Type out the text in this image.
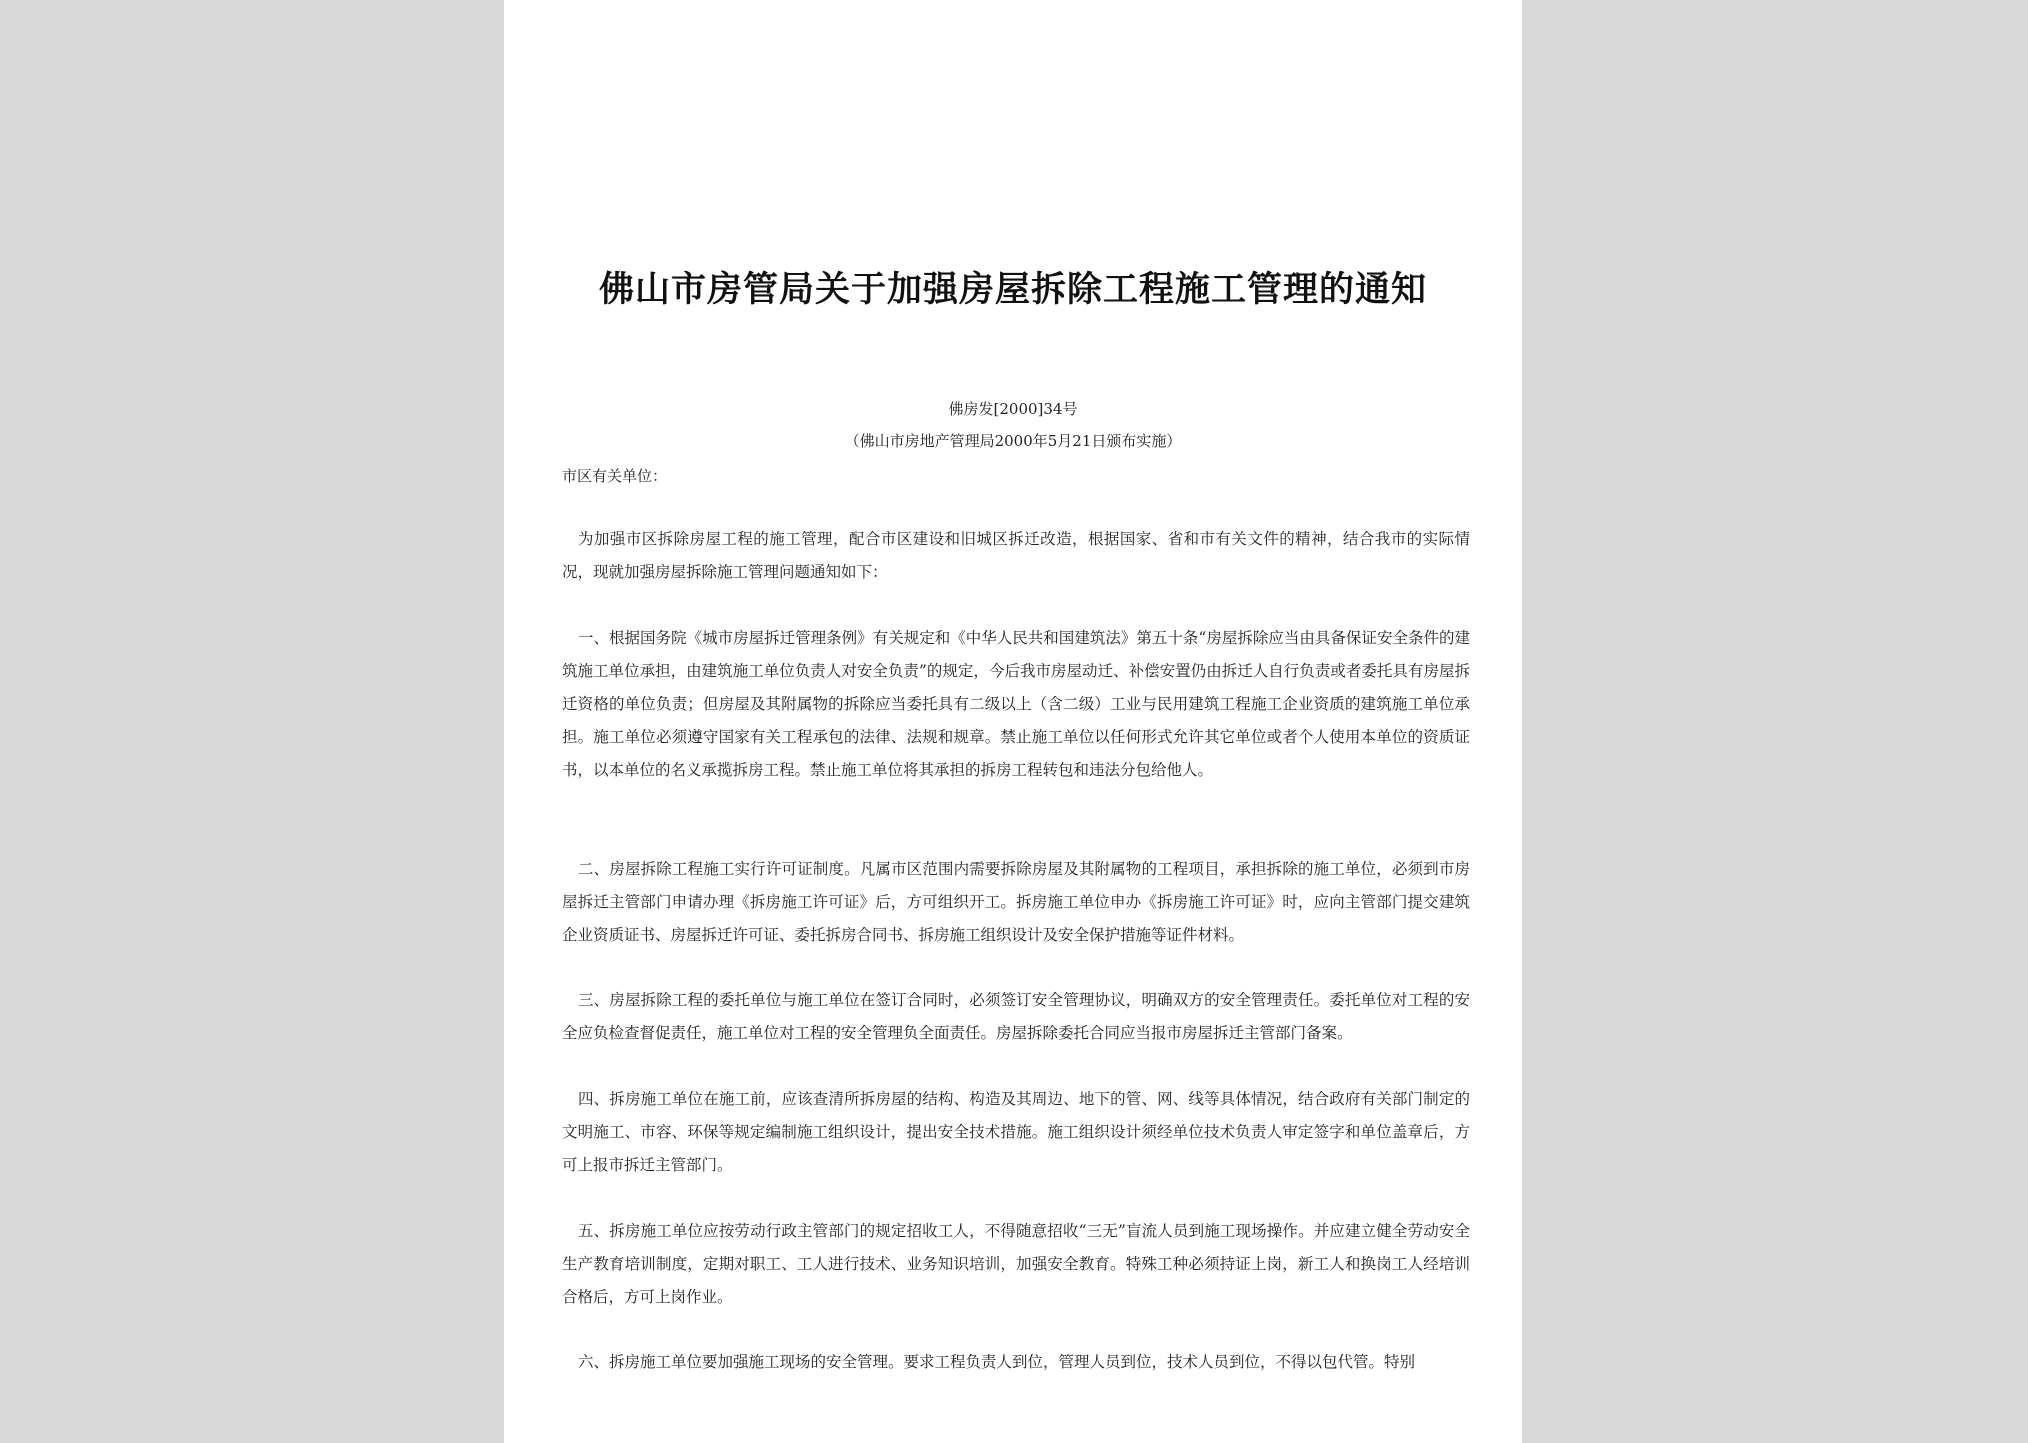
佛山市房管局关于加强房屋拆除工程施工管理的通知
佛房发[2000]34号
（佛山市房地产管理局2000年5月21日颁布实施）
市区有关单位：

为加强市区拆除房屋工程的施工管理，配合市区建设和旧城区拆迁改造，根据国家、省和市有关文件的精神，结合我市的实际情况，现就加强房屋拆除施工管理问题通知如下：

一、根据国务院《城市房屋拆迁管理条例》有关规定和《中华人民共和国建筑法》第五十条“房屋拆除应当由具备保证安全条件的建筑施工单位承担，由建筑施工单位负责人对安全负责”的规定，今后我市房屋动迁、补偿安置仍由拆迁人自行负责或者委托具有房屋拆迁资格的单位负责；但房屋及其附属物的拆除应当委托具有二级以上（含二级）工业与民用建筑工程施工企业资质的建筑施工单位承担。施工单位必须遵守国家有关工程承包的法律、法规和规章。禁止施工单位以任何形式允许其它单位或者个人使用本单位的资质证书，以本单位的名义承揽拆房工程。禁止施工单位将其承担的拆房工程转包和违法分包给他人。

二、房屋拆除工程施工实行许可证制度。凡属市区范围内需要拆除房屋及其附属物的工程项目，承担拆除的施工单位，必须到市房屋拆迁主管部门申请办理《拆房施工许可证》后，方可组织开工。拆房施工单位申办《拆房施工许可证》时，应向主管部门提交建筑企业资质证书、房屋拆迁许可证、委托拆房合同书、拆房施工组织设计及安全保护措施等证件材料。

三、房屋拆除工程的委托单位与施工单位在签订合同时，必须签订安全管理协议，明确双方的安全管理责任。委托单位对工程的安全应负检查督促责任，施工单位对工程的安全管理负全面责任。房屋拆除委托合同应当报市房屋拆迁主管部门备案。

四、拆房施工单位在施工前，应该查清所拆房屋的结构、构造及其周边、地下的管、网、线等具体情况，结合政府有关部门制定的文明施工、市容、环保等规定编制施工组织设计，提出安全技术措施。施工组织设计须经单位技术负责人审定签字和单位盖章后，方可上报市拆迁主管部门。

五、拆房施工单位应按劳动行政主管部门的规定招收工人，不得随意招收“三无”盲流人员到施工现场操作。并应建立健全劳动安全生产教育培训制度，定期对职工、工人进行技术、业务知识培训，加强安全教育。特殊工种必须持证上岗，新工人和换岗工人经培训合格后，方可上岗作业。

六、拆房施工单位要加强施工现场的安全管理。要求工程负责人到位，管理人员到位，技术人员到位，不得以包代管。特别
